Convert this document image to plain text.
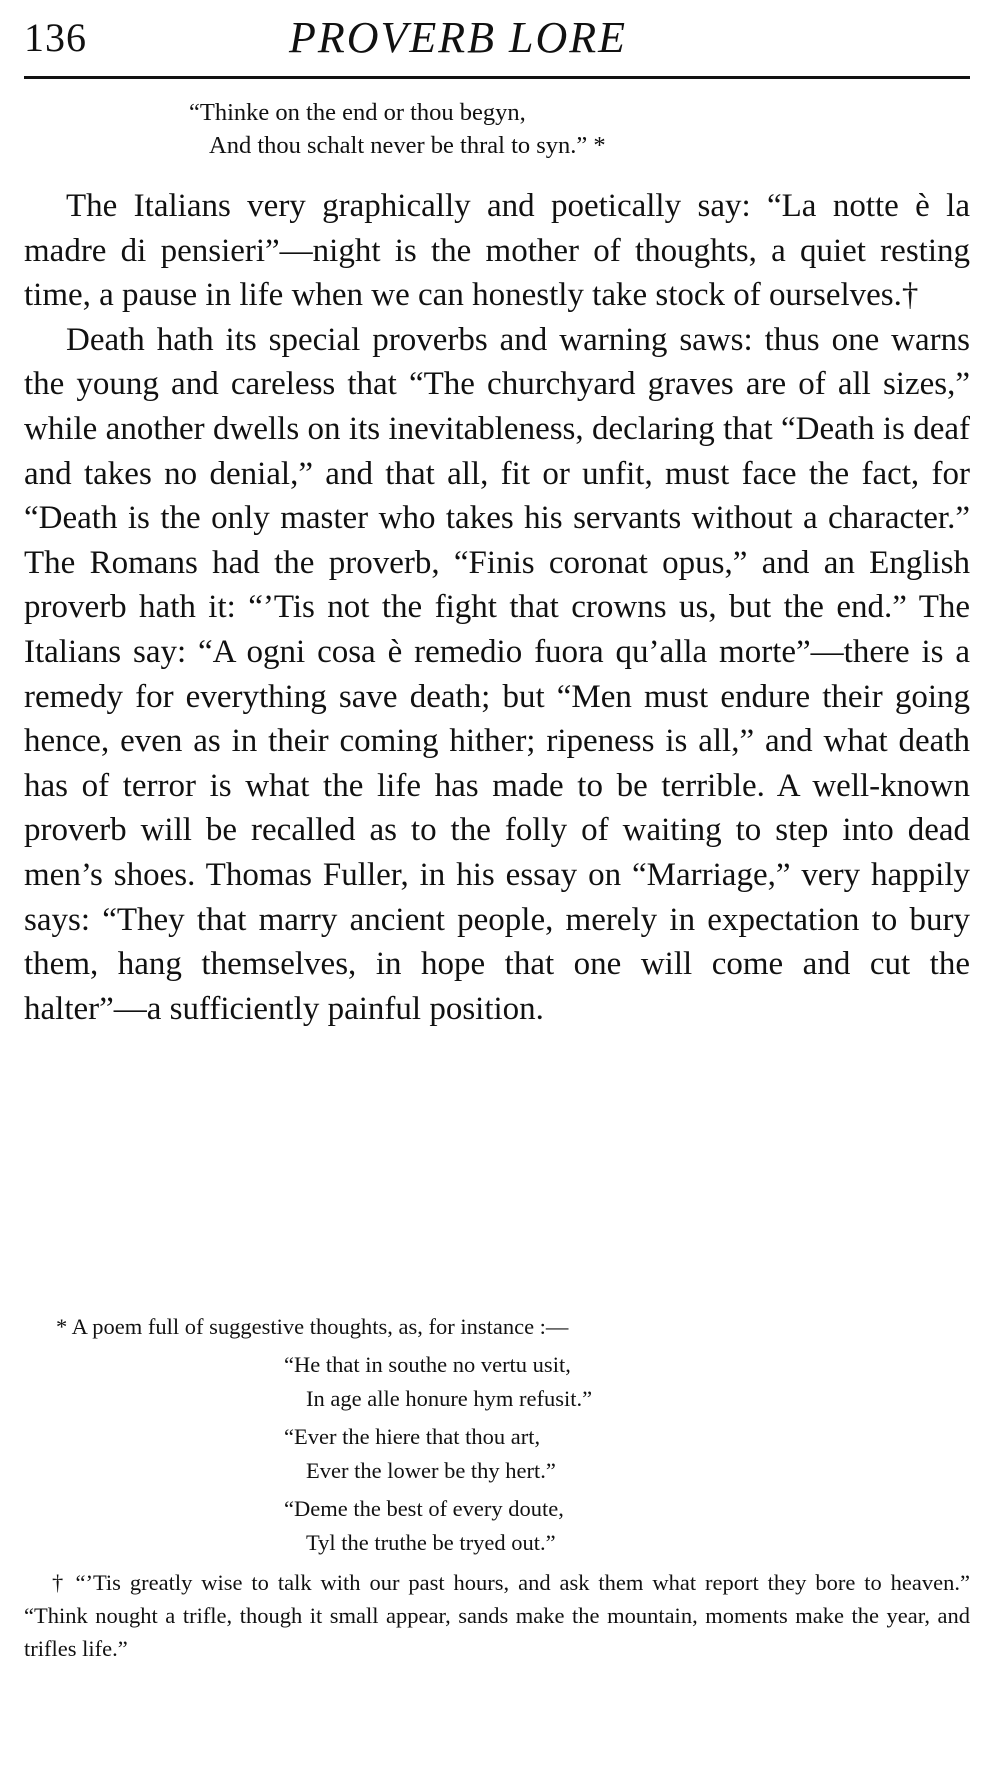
136	PROVERB LORE
“Thinke on the end or thou begyn,
And thou schalt never be thral to syn.” *

The Italians very graphically and poetically say: “La notte è la madre di pensieri”—night is the mother of thoughts, a quiet resting time, a pause in life when we can honestly take stock of ourselves.†

Death hath its special proverbs and warning saws: thus one warns the young and careless that “The churchyard graves are of all sizes,” while another dwells on its inevitableness, declaring that “Death is deaf and takes no denial,” and that all, fit or unfit, must face the fact, for “Death is the only master who takes his servants without a character.” The Romans had the proverb, “Finis coronat opus,” and an English proverb hath it: “’Tis not the fight that crowns us, but the end.” The Italians say: “A ogni cosa è remedio fuora qu’alla morte”—there is a remedy for everything save death; but “Men must endure their going hence, even as in their coming hither; ripeness is all,” and what death has of terror is what the life has made to be terrible. A well-known proverb will be recalled as to the folly of waiting to step into dead men’s shoes. Thomas Fuller, in his essay on “Marriage,” very happily says: “They that marry ancient people, merely in expectation to bury them, hang themselves, in hope that one will come and cut the halter”—a sufficiently painful position.

* A poem full of suggestive thoughts, as, for instance :—
“He that in southe no vertu usit,
In age alle honure hym refusit.”
“Ever the hiere that thou art,
Ever the lower be thy hert.”
“Deme the best of every doute,
Tyl the truthe be tryed out.”
† “’Tis greatly wise to talk with our past hours, and ask them what report they bore to heaven.” “Think nought a trifle, though it small appear, sands make the mountain, moments make the year, and trifles life.”
